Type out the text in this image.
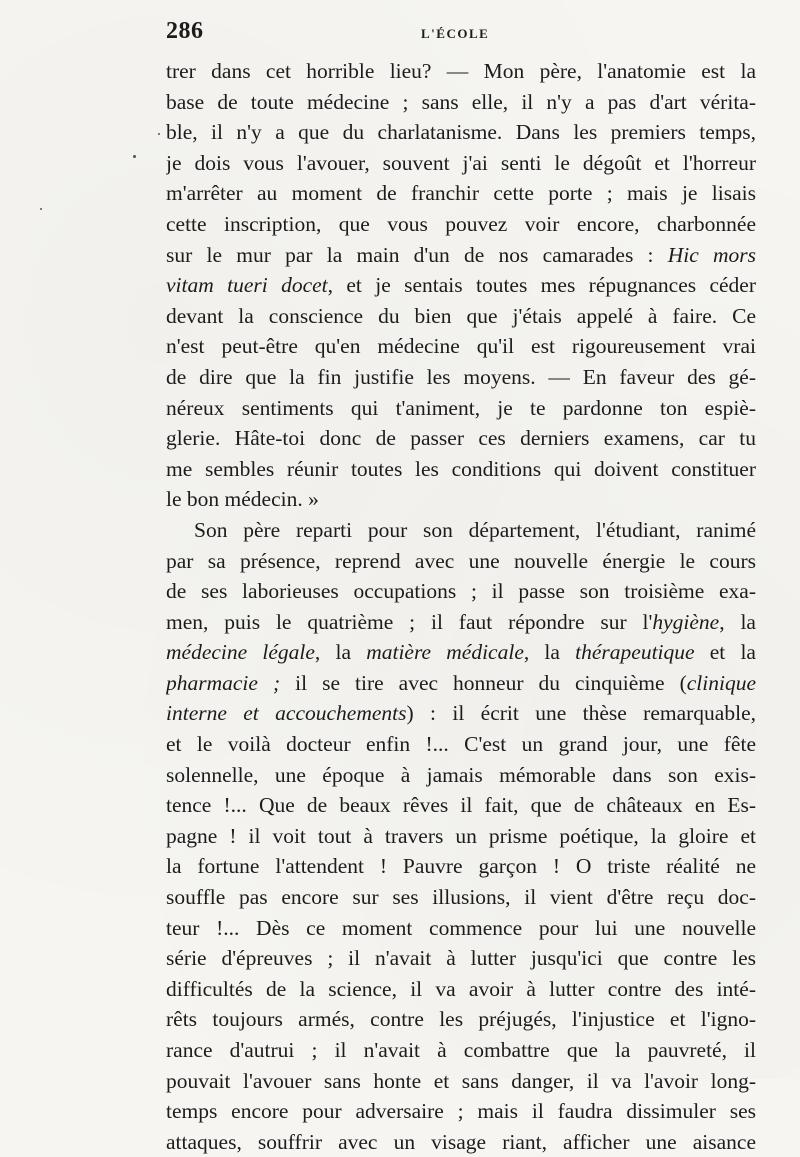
286	L'ÉCOLE
trer dans cet horrible lieu? — Mon père, l'anatomie est la
base de toute médecine ; sans elle, il n'y a pas d'art vérita-
ble, il n'y a que du charlatanisme. Dans les premiers temps,
je dois vous l'avouer, souvent j'ai senti le dégoût et l'horreur
m'arrêter au moment de franchir cette porte ; mais je lisais
cette inscription, que vous pouvez voir encore, charbonnée
sur le mur par la main d'un de nos camarades : Hic mors
vitam tueri docet, et je sentais toutes mes répugnances céder
devant la conscience du bien que j'étais appelé à faire. Ce
n'est peut-être qu'en médecine qu'il est rigoureusement vrai
de dire que la fin justifie les moyens. — En faveur des gé-
néreux sentiments qui t'animent, je te pardonne ton espiè-
glerie. Hâte-toi donc de passer ces derniers examens, car tu
me sembles réunir toutes les conditions qui doivent constituer
le bon médecin. »
Son père reparti pour son département, l'étudiant, ranimé
par sa présence, reprend avec une nouvelle énergie le cours
de ses laborieuses occupations ; il passe son troisième exa-
men, puis le quatrième ; il faut répondre sur l'hygiène, la
médecine légale, la matière médicale, la thérapeutique et la
pharmacie ; il se tire avec honneur du cinquième (clinique
interne et accouchements) : il écrit une thèse remarquable,
et le voilà docteur enfin !... C'est un grand jour, une fête
solennelle, une époque à jamais mémorable dans son exis-
tence !... Que de beaux rêves il fait, que de châteaux en Es-
pagne ! il voit tout à travers un prisme poétique, la gloire et
la fortune l'attendent ! Pauvre garçon ! O triste réalité ne
souffle pas encore sur ses illusions, il vient d'être reçu doc-
teur !... Dès ce moment commence pour lui une nouvelle
série d'épreuves ; il n'avait à lutter jusqu'ici que contre les
difficultés de la science, il va avoir à lutter contre des inté-
rêts toujours armés, contre les préjugés, l'injustice et l'igno-
rance d'autrui ; il n'avait à combattre que la pauvreté, il
pouvait l'avouer sans honte et sans danger, il va l'avoir long-
temps encore pour adversaire ; mais il faudra dissimuler ses
attaques, souffrir avec un visage riant, afficher une aisance
